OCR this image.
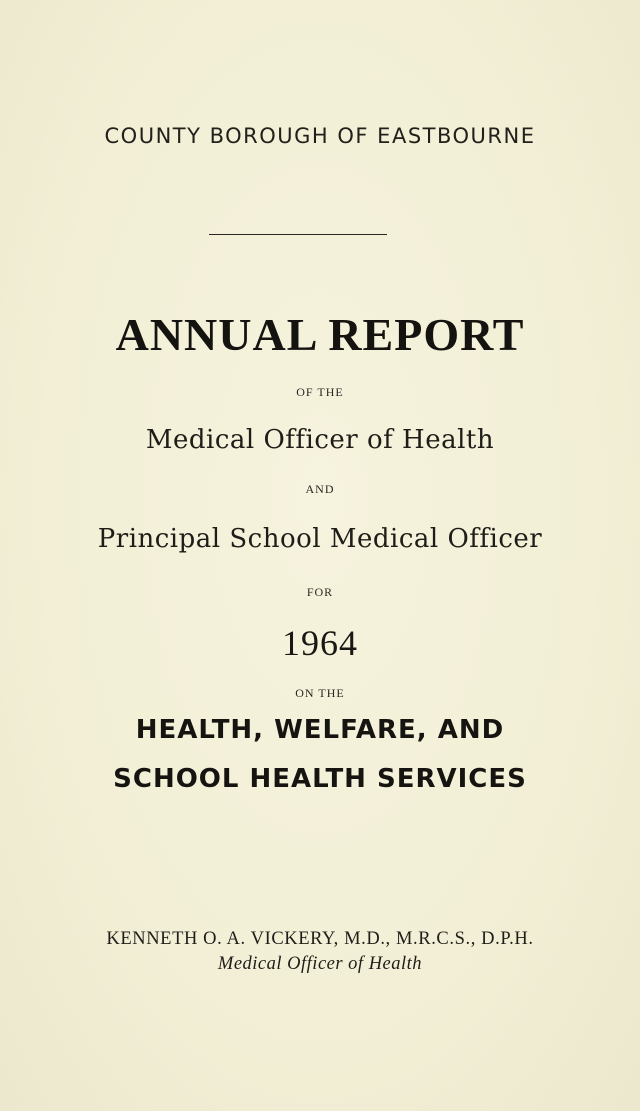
COUNTY BOROUGH OF EASTBOURNE
ANNUAL REPORT
OF THE
Medical Officer of Health
AND
Principal School Medical Officer
FOR
1964
ON THE
HEALTH, WELFARE, AND
SCHOOL HEALTH SERVICES
KENNETH O. A. VICKERY, M.D., M.R.C.S., D.P.H.
Medical Officer of Health
